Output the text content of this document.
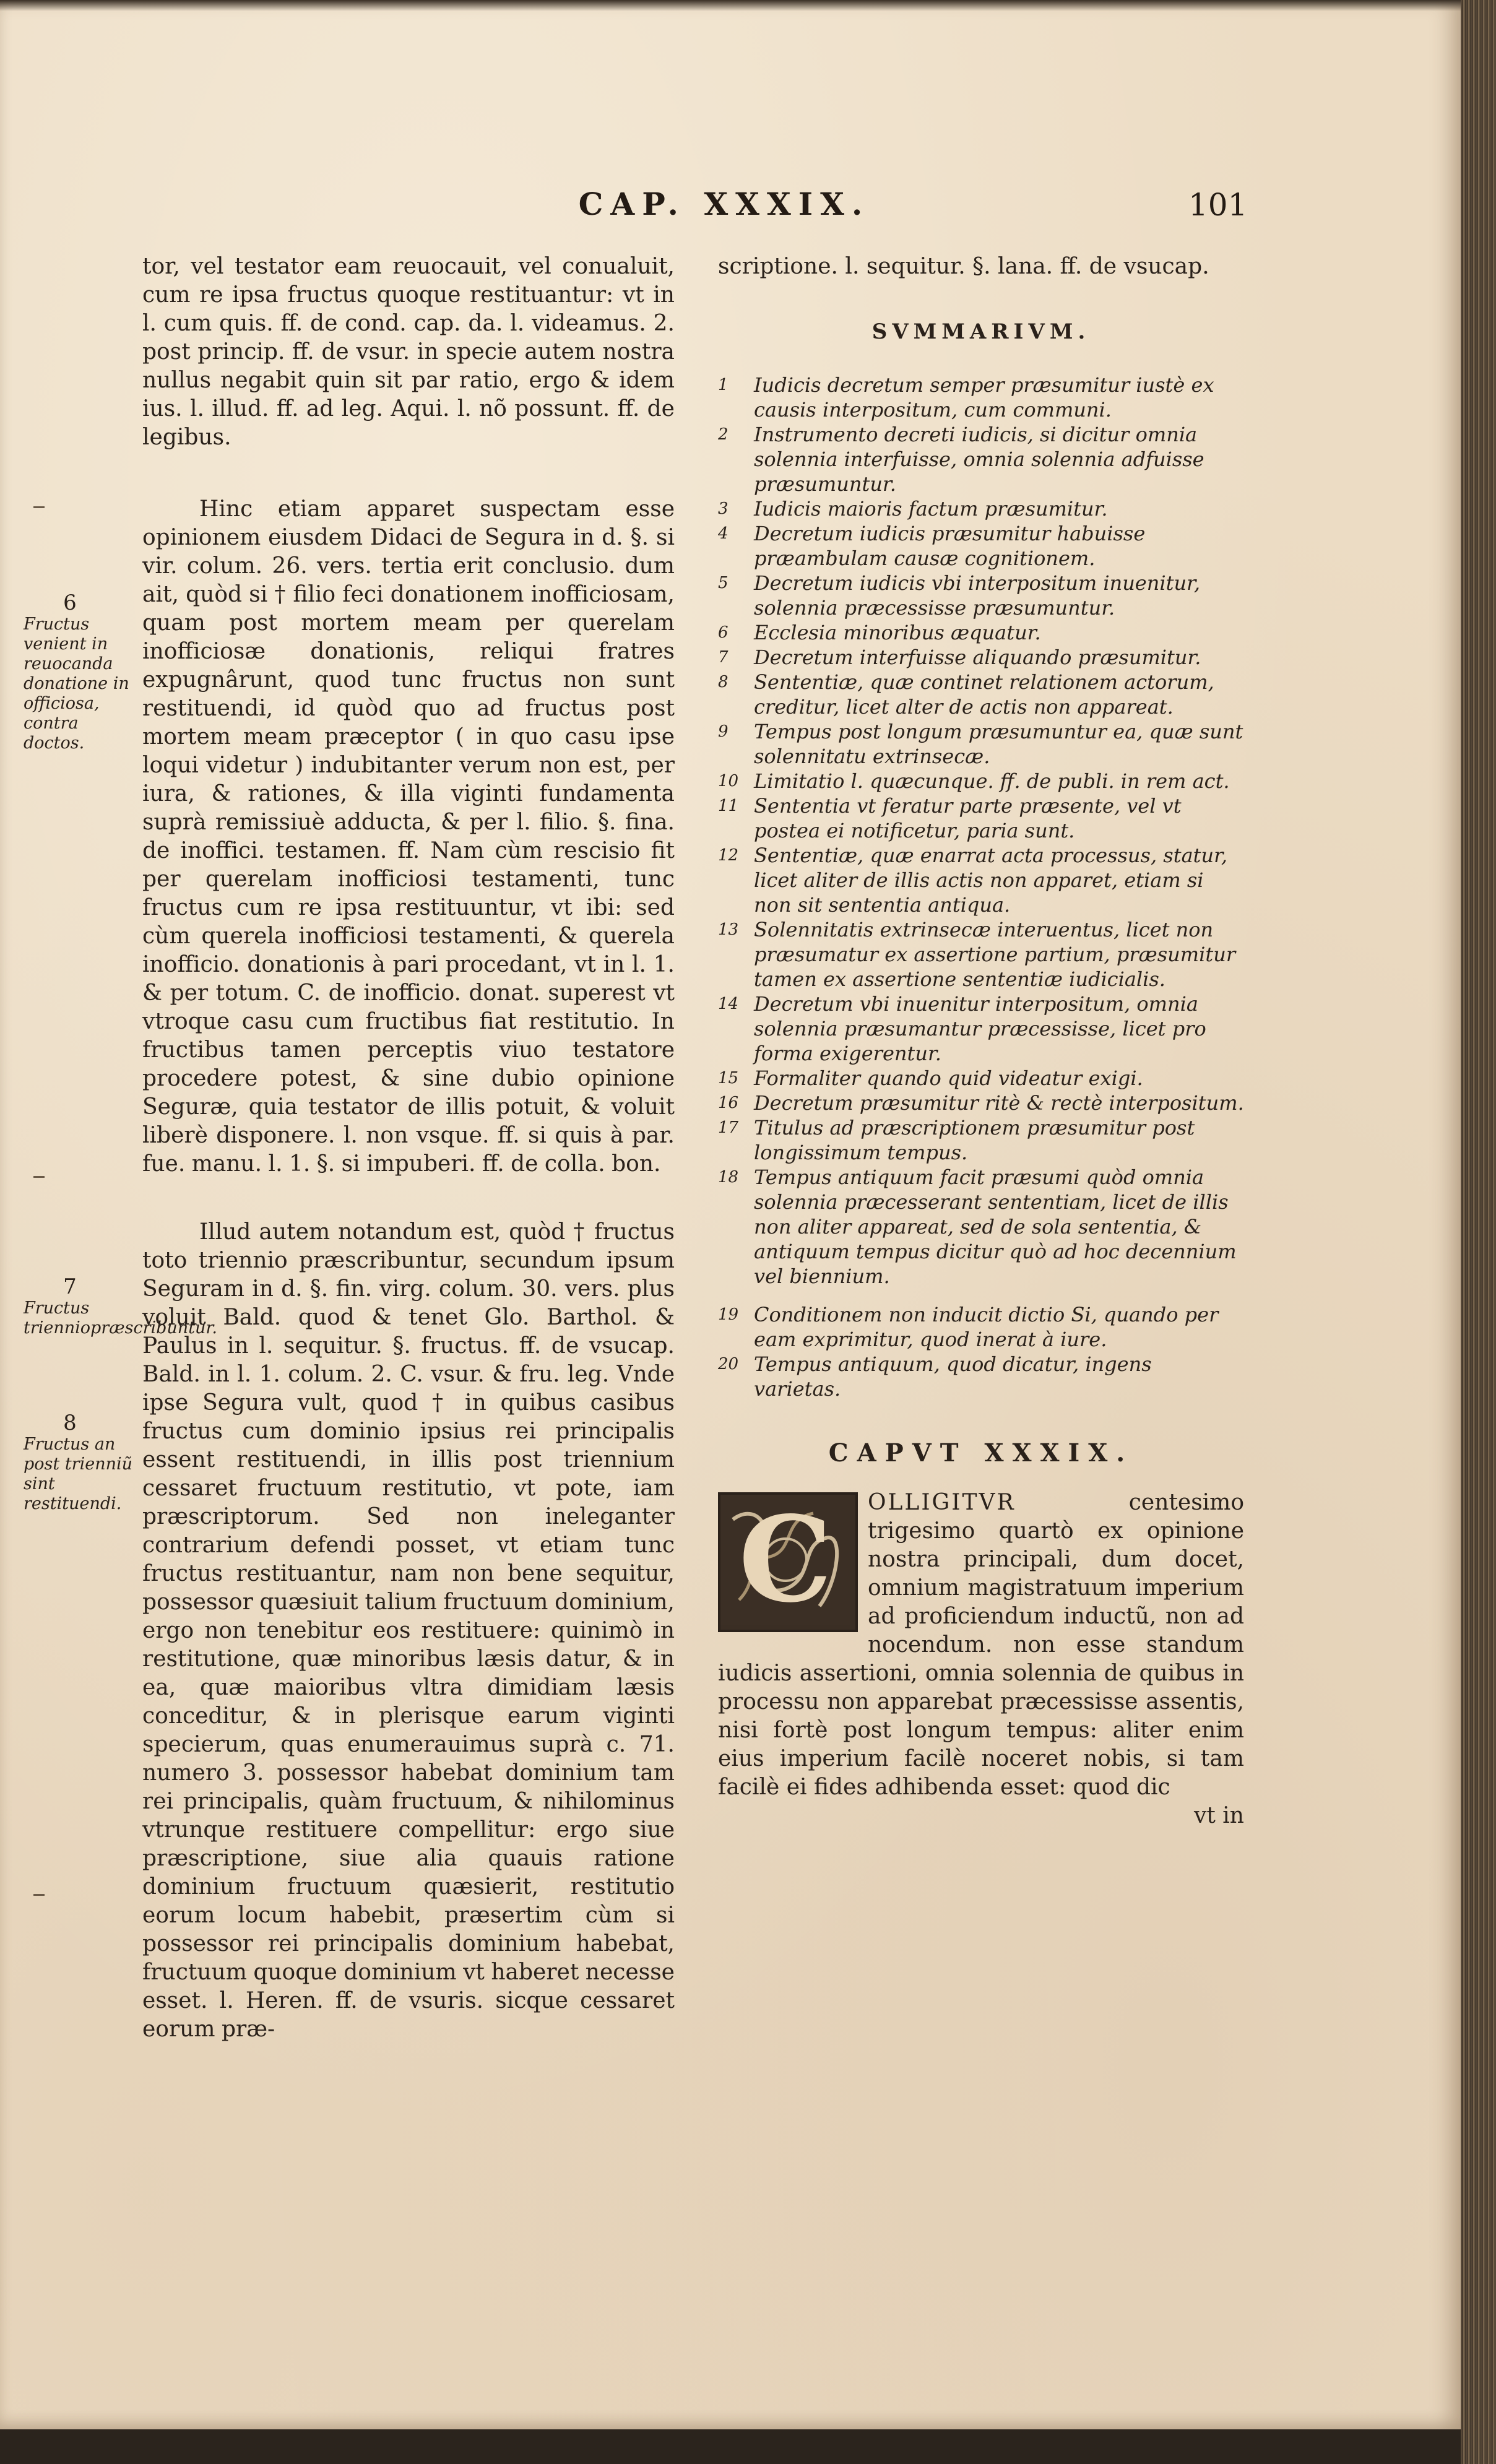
CAP. XXXIX.	101
6
Fructus venient in reuocanda donatione in officiosa, contra doctos.
7
Fructus trienniopræscribuntur.
8
Fructus an post trienniũ sint restituendi.

tor, vel testator eam reuocauit, vel conualuit, cum re ipsa fructus quoque restituantur: vt in l. cum quis. ff. de cond. cap. da. l. videamus. 2. post princip. ff. de vsur. in specie autem nostra nullus negabit quin sit par ratio, ergo & idem ius. l. illud. ff. ad leg. Aqui. l. nõ possunt. ff. de legibus.

Hinc etiam apparet suspectam esse opinionem eiusdem Didaci de Segura in d. §. si vir. colum. 26. vers. tertia erit conclusio. dum ait, quòd si † filio feci donationem inofficiosam, quam post mortem meam per querelam inofficiosæ donationis, reliqui fratres expugnârunt, quod tunc fructus non sunt restituendi, id quòd quo ad fructus post mortem meam præceptor ( in quo casu ipse loqui videtur ) indubitanter verum non est, per iura, & rationes, & illa viginti fundamenta suprà remissiuè adducta, & per l. filio. §. fina. de inoffici. testamen. ff. Nam cùm rescisio fit per querelam inofficiosi testamenti, tunc fructus cum re ipsa restituuntur, vt ibi: sed cùm querela inofficiosi testamenti, & querela inofficio. donationis à pari procedant, vt in l. 1. & per totum. C. de inofficio. donat. superest vt vtroque casu cum fructibus fiat restitutio. In fructibus tamen perceptis viuo testatore procedere potest, & sine dubio opinione Seguræ, quia testator de illis potuit, & voluit liberè disponere. l. non vsque. ff. si quis à par. fue. manu. l. 1. §. si impuberi. ff. de colla. bon.

Illud autem notandum est, quòd † fructus toto triennio præscribuntur, secundum ipsum Seguram in d. §. fin. virg. colum. 30. vers. plus voluit Bald. quod & tenet Glo. Barthol. & Paulus in l. sequitur. §. fructus. ff. de vsucap. Bald. in l. 1. colum. 2. C. vsur. & fru. leg. Vnde ipse Segura vult, quod † in quibus casibus fructus cum dominio ipsius rei principalis essent restituendi, in illis post triennium cessaret fructuum restitutio, vt pote, iam præscriptorum. Sed non ineleganter contrarium defendi posset, vt etiam tunc fructus restituantur, nam non bene sequitur, possessor quæsiuit talium fructuum dominium, ergo non tenebitur eos restituere: quinimò in restitutione, quæ minoribus læsis datur, & in ea, quæ maioribus vltra dimidiam læsis conceditur, & in plerisque earum viginti specierum, quas enumerauimus suprà c. 71. numero 3. possessor habebat dominium tam rei principalis, quàm fructuum, & nihilominus vtrunque restituere compellitur: ergo siue præscriptione, siue alia quauis ratione dominium fructuum quæsierit, restitutio eorum locum habebit, præsertim cùm si possessor rei principalis dominium habebat, fructuum quoque dominium vt haberet necesse esset. l. Heren. ff. de vsuris. sicque cessaret eorum præ-

scriptione. l. sequitur. §. lana. ff. de vsucap.

SVMMARIVM.
1	Iudicis decretum semper præsumitur iustè ex causis interpositum, cum communi.
2	Instrumento decreti iudicis, si dicitur omnia solennia interfuisse, omnia solennia adfuisse præsumuntur.
3	Iudicis maioris factum præsumitur.
4	Decretum iudicis præsumitur habuisse præambulam causæ cognitionem.
5	Decretum iudicis vbi interpositum inuenitur, solennia præcessisse præsumuntur.
6	Ecclesia minoribus æquatur.
7	Decretum interfuisse aliquando præsumitur.
8	Sententiæ, quæ continet relationem actorum, creditur, licet alter de actis non appareat.
9	Tempus post longum præsumuntur ea, quæ sunt solennitatu extrinsecæ.
10 Limitatio l. quæcunque. ff. de publi. in rem act.
11 Sententia vt feratur parte præsente, vel vt postea ei notificetur, paria sunt.
12 Sententiæ, quæ enarrat acta processus, statur, licet aliter de illis actis non apparet, etiam si non sit sententia antiqua.
13 Solennitatis extrinsecæ interuentus, licet non præsumatur ex assertione partium, præsumitur tamen ex assertione sententiæ iudicialis.
14 Decretum vbi inuenitur interpositum, omnia solennia præsumantur præcessisse, licet pro forma exigerentur.
15 Formaliter quando quid videatur exigi.
16 Decretum præsumitur ritè & rectè interpositum.
17 Titulus ad præscriptionem præsumitur post longissimum tempus.
18 Tempus antiquum facit præsumi quòd omnia solennia præcesserant sententiam, licet de illis non aliter appareat, sed de sola sententia, & antiquum tempus dicitur quò ad hoc decennium vel biennium.
19 Conditionem non inducit dictio Si, quando per eam exprimitur, quod inerat à iure.
20 Tempus antiquum, quod dicatur, ingens varietas.
CAPVT XXXIX.
C	OLLIGITVR centesimo trigesimo quartò ex opinione nostra principali, dum docet, omnium magistratuum imperium ad proficiendum inductũ, non ad nocendum. non esse standum iudicis assertioni, omnia solennia de quibus in processu non apparebat præcessisse assentis, nisi fortè post longum tempus: aliter enim eius imperium facilè noceret nobis, si tam facilè ei fides adhibenda esset: quod dic

vt in
